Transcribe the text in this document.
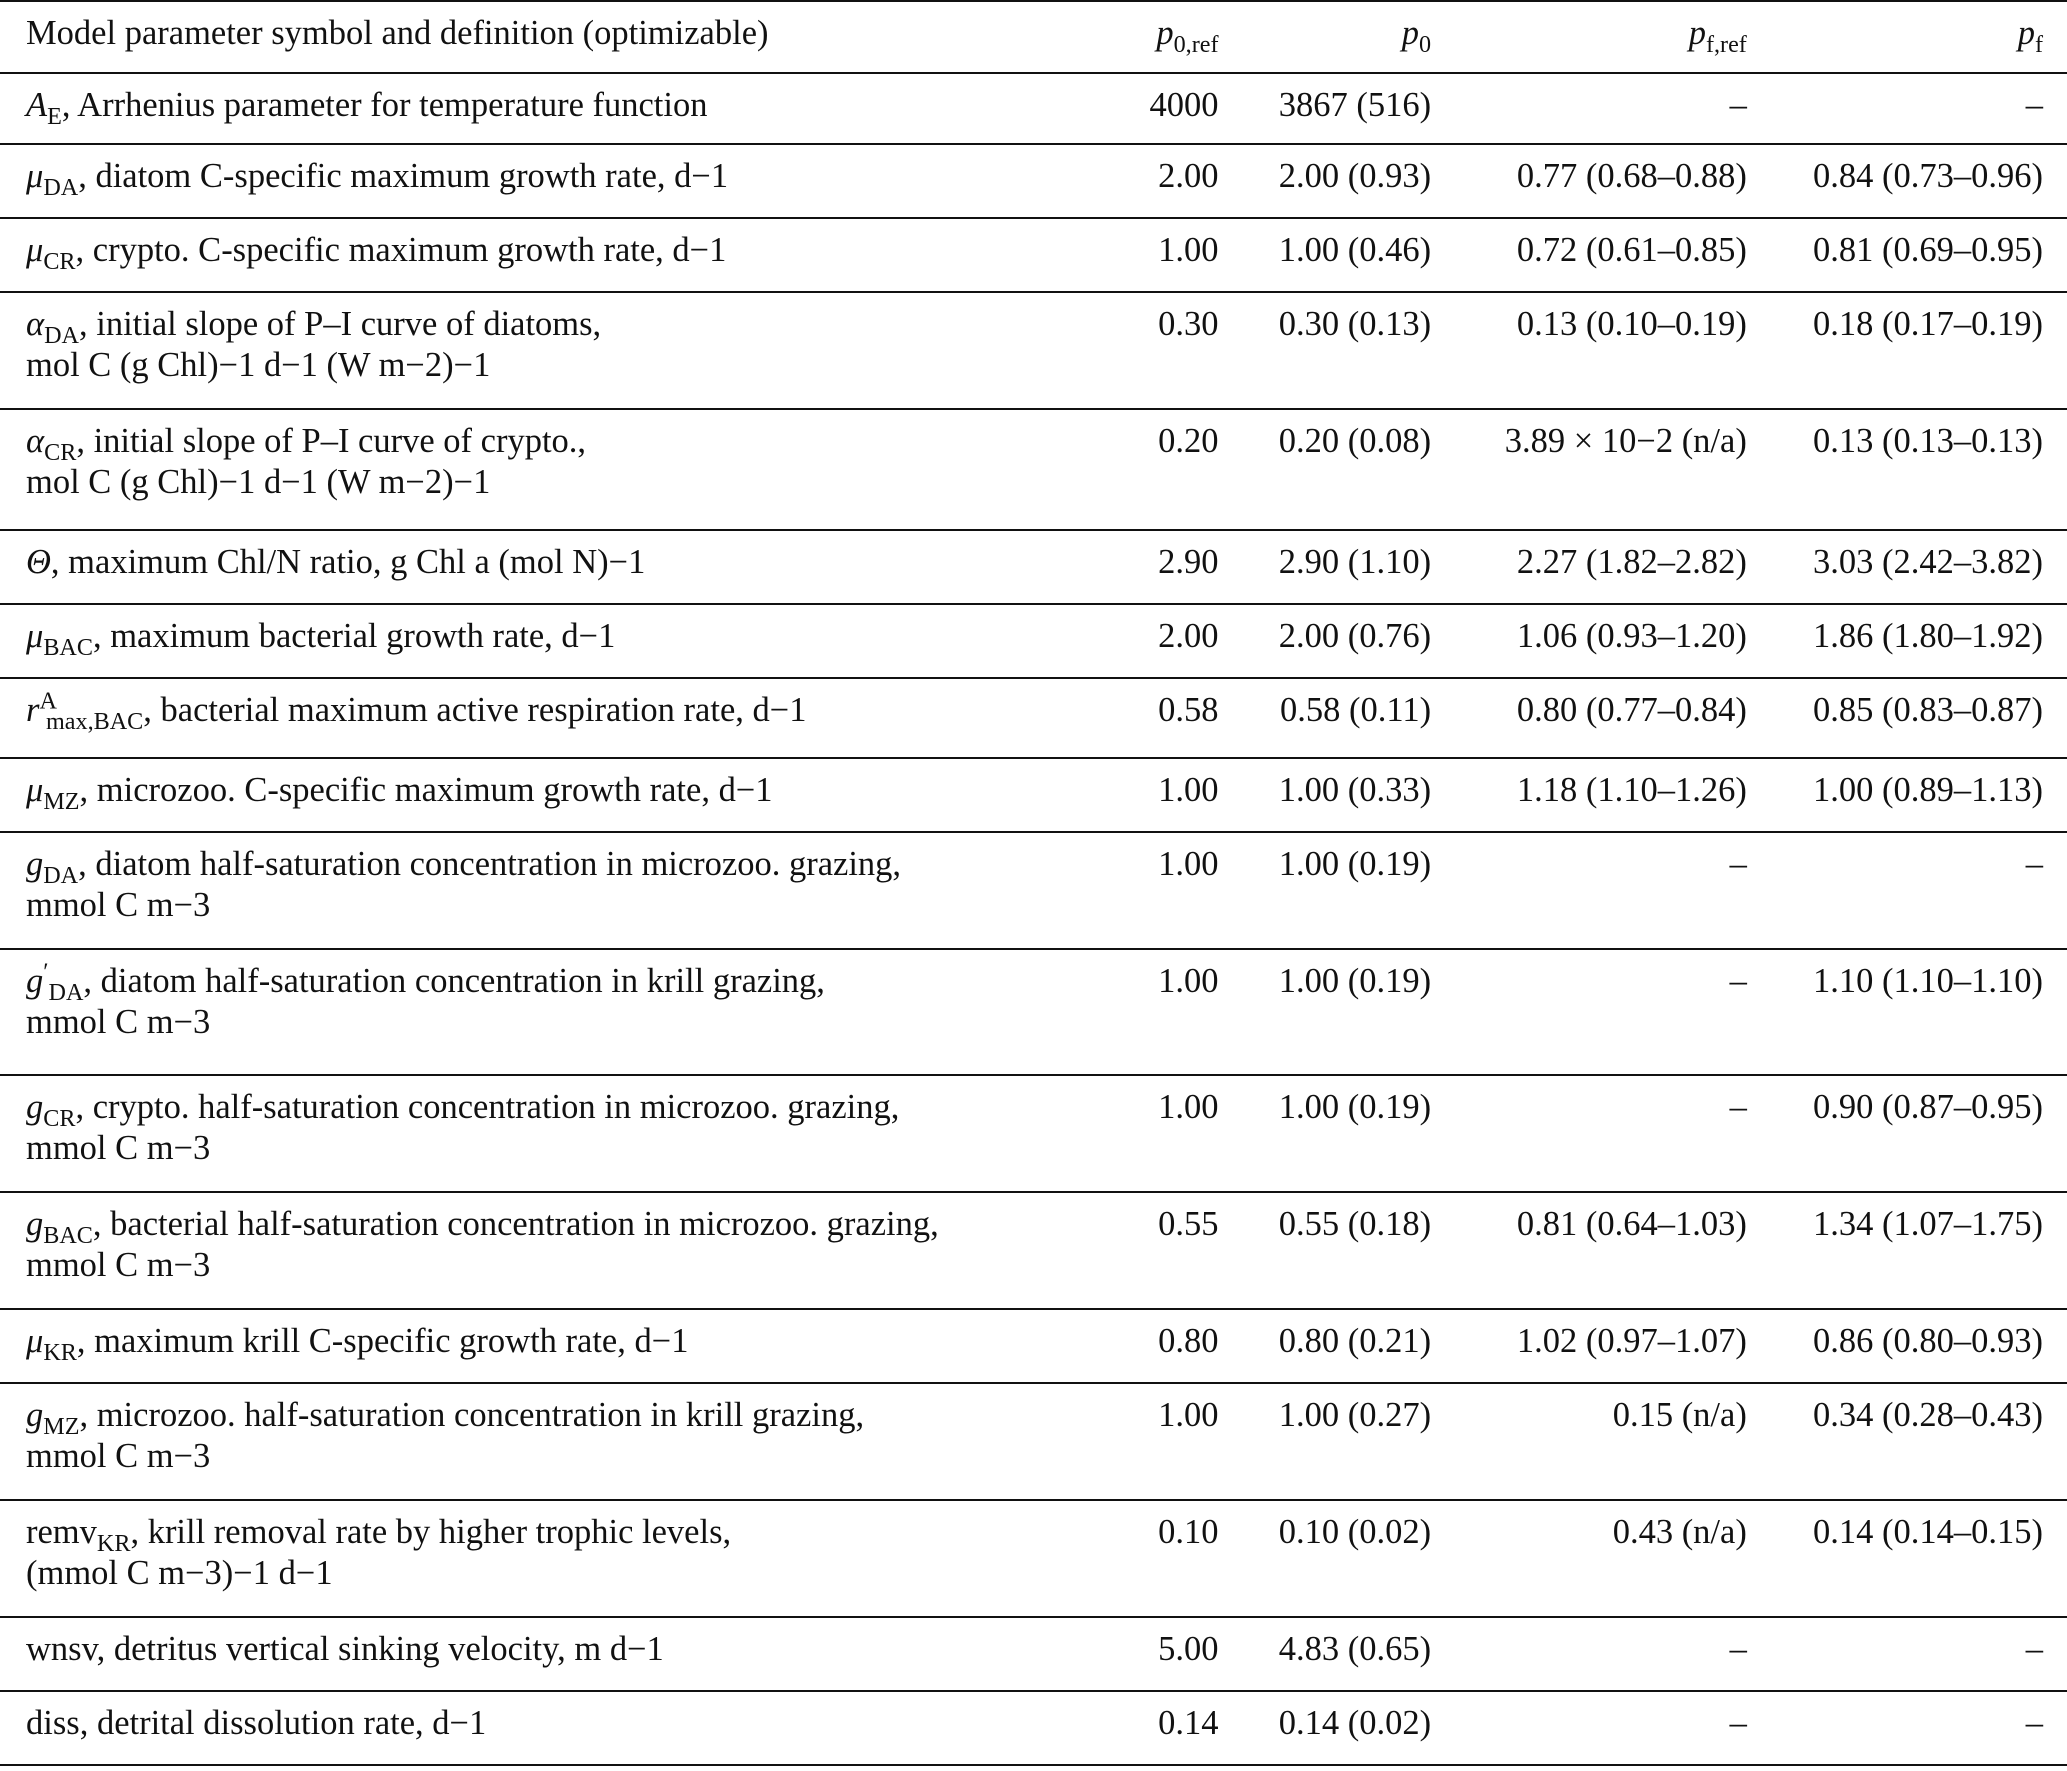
Model parameter symbol and definition (optimizable)	$p_{0,ref}$	$p_0$	$p_{f,ref}$	$p_f$
$A_E$, Arrhenius parameter for temperature function	4000	3867 (516)	–	–
$\mu_{DA}$, diatom C-specific maximum growth rate, d−1	2.00	2.00 (0.93)	0.77 (0.68–0.88)	0.84 (0.73–0.96)
$\mu_{CR}$, crypto. C-specific maximum growth rate, d−1	1.00	1.00 (0.46)	0.72 (0.61–0.85)	0.81 (0.69–0.95)
$\alpha_{DA}$, initial slope of P–I curve of diatoms,
mol C (g Chl)−1 d−1 (W m−2)−1	0.30	0.30 (0.13)	0.13 (0.10–0.19)	0.18 (0.17–0.19)
$\alpha_{CR}$, initial slope of P–I curve of crypto.,
mol C (g Chl)−1 d−1 (W m−2)−1	0.20	0.20 (0.08)	3.89 × 10−2 (n/a)	0.13 (0.13–0.13)
Θ, maximum Chl/N ratio, g Chl a (mol N)−1	2.90	2.90 (1.10)	2.27 (1.82–2.82)	3.03 (2.42–3.82)
$\mu_{BAC}$, maximum bacterial growth rate, d−1	2.00	2.00 (0.76)	1.06 (0.93–1.20)	1.86 (1.80–1.92)
$r^A_{max,BAC}$, bacterial maximum active respiration rate, d−1	0.58	0.58 (0.11)	0.80 (0.77–0.84)	0.85 (0.83–0.87)
$\mu_{MZ}$, microzoo. C-specific maximum growth rate, d−1	1.00	1.00 (0.33)	1.18 (1.10–1.26)	1.00 (0.89–1.13)
$g_{DA}$, diatom half-saturation concentration in microzoo. grazing,
mmol C m−3	1.00	1.00 (0.19)	–	–
$g'_{DA}$, diatom half-saturation concentration in krill grazing,
mmol C m−3	1.00	1.00 (0.19)	–	1.10 (1.10–1.10)
$g_{CR}$, crypto. half-saturation concentration in microzoo. grazing,
mmol C m−3	1.00	1.00 (0.19)	–	0.90 (0.87–0.95)
$g_{BAC}$, bacterial half-saturation concentration in microzoo. grazing,
mmol C m−3	0.55	0.55 (0.18)	0.81 (0.64–1.03)	1.34 (1.07–1.75)
$\mu_{KR}$, maximum krill C-specific growth rate, d−1	0.80	0.80 (0.21)	1.02 (0.97–1.07)	0.86 (0.80–0.93)
$g_{MZ}$, microzoo. half-saturation concentration in krill grazing,
mmol C m−3	1.00	1.00 (0.27)	0.15 (n/a)	0.34 (0.28–0.43)
remv$_{KR}$, krill removal rate by higher trophic levels,
(mmol C m−3)−1 d−1	0.10	0.10 (0.02)	0.43 (n/a)	0.14 (0.14–0.15)
wnsv, detritus vertical sinking velocity, m d−1	5.00	4.83 (0.65)	–	–
diss, detrital dissolution rate, d−1	0.14	0.14 (0.02)	–	–
